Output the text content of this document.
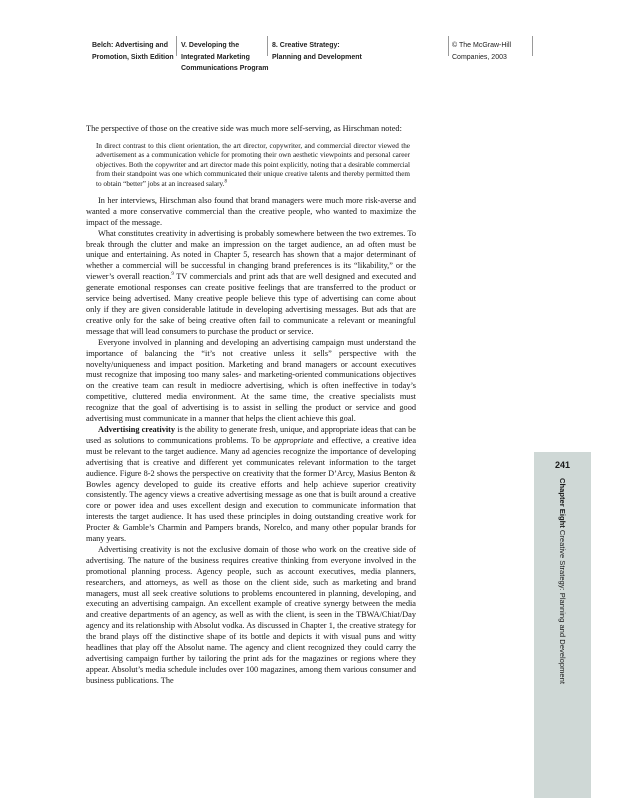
Belch: Advertising and
Promotion, Sixth Edition
V. Developing the
Integrated Marketing
Communications Program
8. Creative Strategy:
Planning and Development
© The McGraw-Hill
Companies, 2003

The perspective of those on the creative side was much more self-serving, as Hirschman noted:

In direct contrast to this client orientation, the art director, copywriter, and commercial director viewed the advertisement as a communication vehicle for promoting their own aesthetic viewpoints and personal career objectives. Both the copywriter and art director made this point explicitly, noting that a desirable commercial from their standpoint was one which communicated their unique creative talents and thereby permitted them to obtain “better” jobs at an increased salary.$^8$

In her interviews, Hirschman also found that brand managers were much more risk-averse and wanted a more conservative commercial than the creative people, who wanted to maximize the impact of the message.

What constitutes creativity in advertising is probably somewhere between the two extremes. To break through the clutter and make an impression on the target audience, an ad often must be unique and entertaining. As noted in Chapter 5, research has shown that a major determinant of whether a commercial will be successful in changing brand preferences is its “likability,” or the viewer’s overall reaction.$^9$ TV commercials and print ads that are well designed and executed and generate emotional responses can create positive feelings that are transferred to the product or service being advertised. Many creative people believe this type of advertising can come about only if they are given considerable latitude in developing advertising messages. But ads that are creative only for the sake of being creative often fail to communicate a relevant or meaningful message that will lead consumers to purchase the product or service.

Everyone involved in planning and developing an advertising campaign must understand the importance of balancing the “it’s not creative unless it sells” perspective with the novelty/uniqueness and impact position. Marketing and brand managers or account executives must recognize that imposing too many sales- and marketing-oriented communications objectives on the creative team can result in mediocre advertising, which is often ineffective in today’s competitive, cluttered media environment. At the same time, the creative specialists must recognize that the goal of advertising is to assist in selling the product or service and good advertising must communicate in a manner that helps the client achieve this goal.

Advertising creativity is the ability to generate fresh, unique, and appropriate ideas that can be used as solutions to communications problems. To be appropriate and effective, a creative idea must be relevant to the target audience. Many ad agencies recognize the importance of developing advertising that is creative and different yet communicates relevant information to the target audience. Figure 8-2 shows the perspective on creativity that the former D’Arcy, Masius Benton & Bowles agency developed to guide its creative efforts and help achieve superior creativity consistently. The agency views a creative advertising message as one that is built around a creative core or power idea and uses excellent design and execution to communicate information that interests the target audience. It has used these principles in doing outstanding creative work for Procter & Gamble’s Charmin and Pampers brands, Norelco, and many other popular brands for many years.

Advertising creativity is not the exclusive domain of those who work on the creative side of advertising. The nature of the business requires creative thinking from everyone involved in the promotional planning process. Agency people, such as account executives, media planners, researchers, and attorneys, as well as those on the client side, such as marketing and brand managers, must all seek creative solutions to problems encountered in planning, developing, and executing an advertising campaign. An excellent example of creative synergy between the media and creative departments of an agency, as well as with the client, is seen in the TBWA/Chiat/Day agency and its relationship with Absolut vodka. As discussed in Chapter 1, the creative strategy for the brand plays off the distinctive shape of its bottle and depicts it with visual puns and witty headlines that play off the Absolut name. The agency and client recognized they could carry the advertising campaign further by tailoring the print ads for the magazines or regions where they appear. Absolut’s media schedule includes over 100 magazines, among them various consumer and business publications. The

241
Chapter Eight Creative Strategy: Planning and Development
